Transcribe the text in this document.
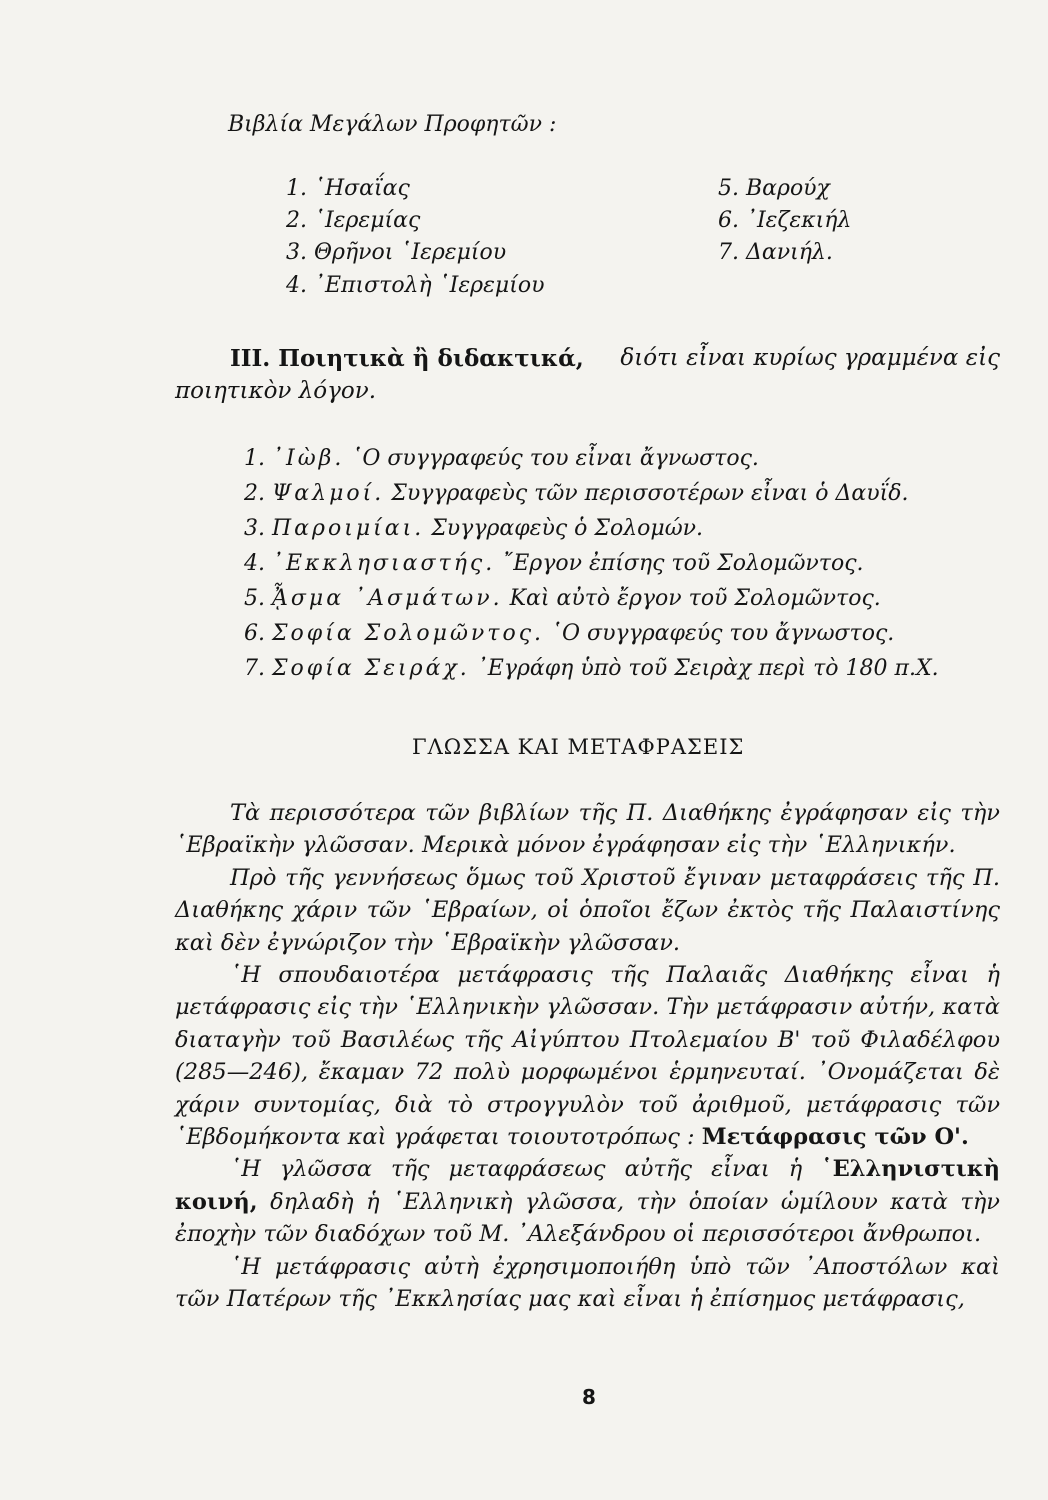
Βιβλία Μεγάλων Προφητῶν :
1. ῾Ησαΐας
2. ῾Ιερεμίας
3. Θρῆνοι ῾Ιερεμίου
4. ᾿Επιστολὴ ῾Ιερεμίου
5. Βαρούχ
6. ᾿Ιεζεκιήλ
7. Δανιήλ.
III. Ποιητικὰ ἢ διδακτικά, διότι εἶναι κυρίως γραμμένα εἰς
ποιητικὸν λόγον.
1. ᾿Ιὼβ. ῾Ο συγγραφεύς του εἶναι ἄγνωστος.
2. Ψαλμοί. Συγγραφεὺς τῶν περισσοτέρων εἶναι ὁ Δαυΐδ.
3. Παροιμίαι. Συγγραφεὺς ὁ Σολομών.
4. ᾿Εκκλησιαστής. ῎Εργον ἐπίσης τοῦ Σολομῶντος.
5. ᾎσμα ᾿Ασμάτων. Καὶ αὐτὸ ἔργον τοῦ Σολομῶντος.
6. Σοφία Σολομῶντος. ῾Ο συγγραφεύς του ἄγνωστος.
7. Σοφία Σειράχ. ᾿Εγράφη ὑπὸ τοῦ Σειρὰχ περὶ τὸ 180 π.Χ.
ΓΛΩΣΣΑ ΚΑΙ ΜΕΤΑΦΡΑΣΕΙΣ

Τὰ περισσότερα τῶν βιβλίων τῆς Π. Διαθήκης ἐγράφησαν εἰς τὴν ῾Εβραϊκὴν γλῶσσαν. Μερικὰ μόνον ἐγράφησαν εἰς τὴν ῾Ελληνικήν.

Πρὸ τῆς γεννήσεως ὅμως τοῦ Χριστοῦ ἔγιναν μεταφράσεις τῆς Π. Διαθήκης χάριν τῶν ῾Εβραίων, οἱ ὁποῖοι ἔζων ἐκτὸς τῆς Παλαιστίνης καὶ δὲν ἐγνώριζον τὴν ῾Εβραϊκὴν γλῶσσαν.

῾Η σπουδαιοτέρα μετάφρασις τῆς Παλαιᾶς Διαθήκης εἶναι ἡ μετάφρασις εἰς τὴν ῾Ελληνικὴν γλῶσσαν. Τὴν μετάφρασιν αὐτήν, κατὰ διαταγὴν τοῦ Βασιλέως τῆς Αἰγύπτου Πτολεμαίου Β' τοῦ Φιλαδέλφου (285—246), ἔκαμαν 72 πολὺ μορφωμένοι ἑρμηνευταί. ᾿Ονομάζεται δὲ χάριν συντομίας, διὰ τὸ στρογγυλὸν τοῦ ἀριθμοῦ, μετάφρασις τῶν ῾Εβδομήκοντα καὶ γράφεται τοιουτοτρόπως : Μετάφρασις τῶν Ο'.

῾Η γλῶσσα τῆς μεταφράσεως αὐτῆς εἶναι ἡ ῾Ελληνιστικὴ κοινή, δηλαδὴ ἡ ῾Ελληνικὴ γλῶσσα, τὴν ὁποίαν ὡμίλουν κατὰ τὴν ἐποχὴν τῶν διαδόχων τοῦ Μ. ᾿Αλεξάνδρου οἱ περισσότεροι ἄνθρωποι.

῾Η μετάφρασις αὐτὴ ἐχρησιμοποιήθη ὑπὸ τῶν ᾿Αποστόλων καὶ τῶν Πατέρων τῆς ᾿Εκκλησίας μας καὶ εἶναι ἡ ἐπίσημος μετάφρασις,

8
